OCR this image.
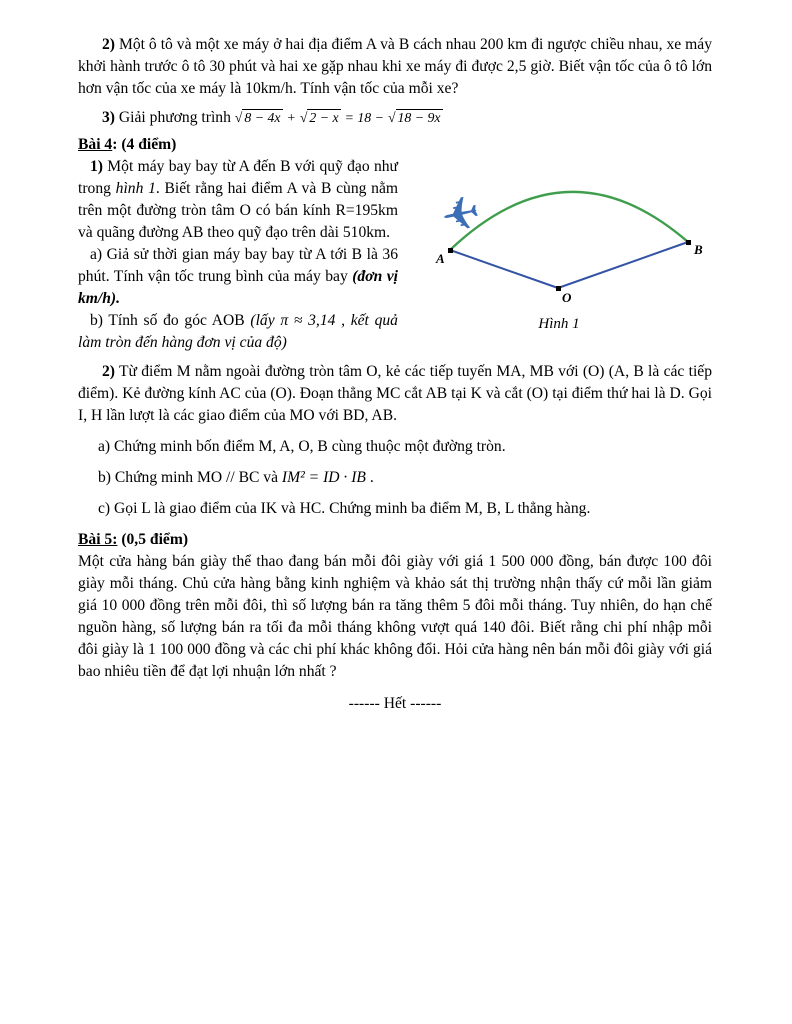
2) Một ô tô và một xe máy ở hai địa điểm A và B cách nhau 200 km đi ngược chiều nhau, xe máy khởi hành trước ô tô 30 phút và hai xe gặp nhau khi xe máy đi được 2,5 giờ. Biết vận tốc của ô tô lớn hơn vận tốc của xe máy là 10km/h. Tính vận tốc của mỗi xe?

3) Giải phương trình √ 8 − 4x + √ 2 − x = 18 − √ 18 − 9x

Bài 4: (4 điểm)

A
B
O
✈
Hình 1

1) Một máy bay bay từ A đến B với quỹ đạo như trong hình 1. Biết rằng hai điểm A và B cùng nằm trên một đường tròn tâm O có bán kính R=195km và quãng đường AB theo quỹ đạo trên dài 510km.

a) Giả sử thời gian máy bay bay từ A tới B là 36 phút. Tính vận tốc trung bình của máy bay (đơn vị km/h).

b) Tính số đo góc AOB (lấy π ≈ 3,14 , kết quả làm tròn đến hàng đơn vị của độ)

2) Từ điểm M nằm ngoài đường tròn tâm O, kẻ các tiếp tuyến MA, MB với (O) (A, B là các tiếp điểm). Kẻ đường kính AC của (O). Đoạn thẳng MC cắt AB tại K và cắt (O) tại điểm thứ hai là D. Gọi I, H lần lượt là các giao điểm của MO với BD, AB.

a) Chứng minh bốn điểm M, A, O, B cùng thuộc một đường tròn.

b) Chứng minh MO // BC và IM² = ID · IB .

c) Gọi L là giao điểm của IK và HC. Chứng minh ba điểm M, B, L thẳng hàng.

Bài 5: (0,5 điểm)

Một cửa hàng bán giày thể thao đang bán mỗi đôi giày với giá 1 500 000 đồng, bán được 100 đôi giày mỗi tháng. Chủ cửa hàng bằng kinh nghiệm và khảo sát thị trường nhận thấy cứ mỗi lần giảm giá 10 000 đồng trên mỗi đôi, thì số lượng bán ra tăng thêm 5 đôi mỗi tháng. Tuy nhiên, do hạn chế nguồn hàng, số lượng bán ra tối đa mỗi tháng không vượt quá 140 đôi. Biết rằng chi phí nhập mỗi đôi giày là 1 100 000 đồng và các chi phí khác không đổi. Hỏi cửa hàng nên bán mỗi đôi giày với giá bao nhiêu tiền để đạt lợi nhuận lớn nhất ?

------ Hết ------
